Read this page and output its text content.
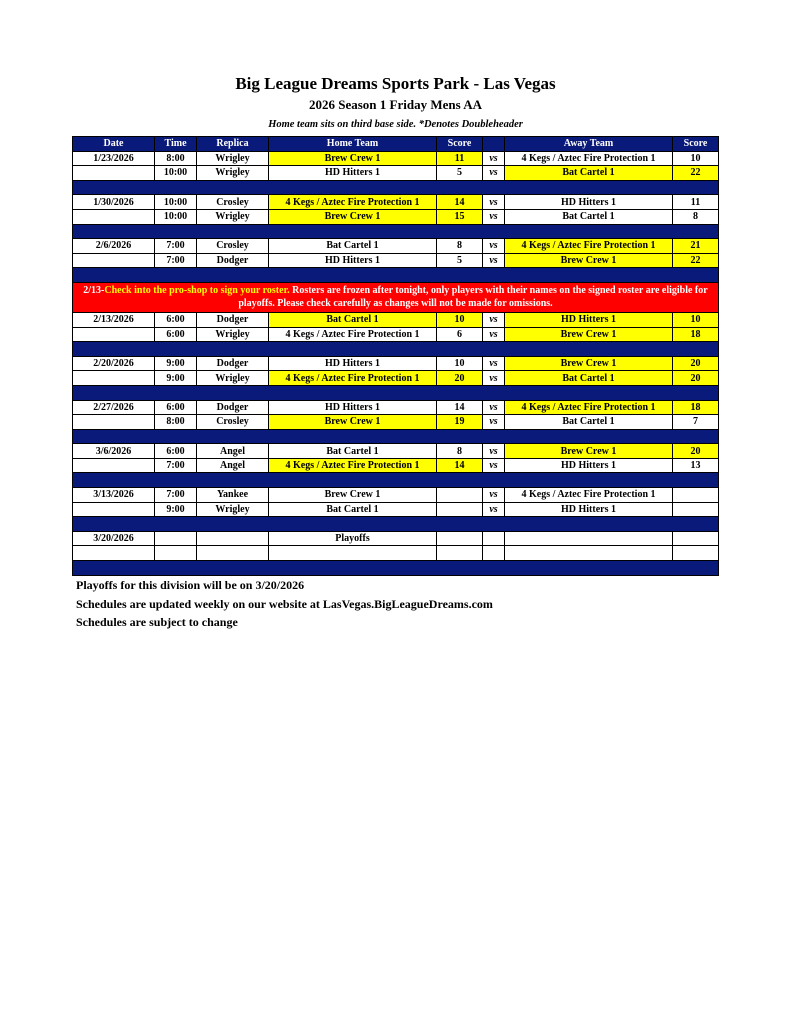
Big League Dreams Sports Park - Las Vegas
2026 Season 1 Friday Mens AA
Home team sits on third base side. *Denotes Doubleheader
Date	Time	Replica	Home Team	Score		Away Team	Score
1/23/2026	8:00	Wrigley	Brew Crew 1	11	vs	4 Kegs / Aztec Fire Protection 1	10
	10:00	Wrigley	HD Hitters 1	5	vs	Bat Cartel 1	22

1/30/2026	10:00	Crosley	4 Kegs / Aztec Fire Protection 1	14	vs	HD Hitters 1	11
	10:00	Wrigley	Brew Crew 1	15	vs	Bat Cartel 1	8

2/6/2026	7:00	Crosley	Bat Cartel 1	8	vs	4 Kegs / Aztec Fire Protection 1	21
	7:00	Dodger	HD Hitters 1	5	vs	Brew Crew 1	22

2/13-Check into the pro-shop to sign your roster. Rosters are frozen after tonight, only players with their names on the signed roster are eligible for playoffs. Please check carefully as changes will not be made for omissions.							
2/13/2026	6:00	Dodger	Bat Cartel 1	10	vs	HD Hitters 1	10
	6:00	Wrigley	4 Kegs / Aztec Fire Protection 1	6	vs	Brew Crew 1	18

2/20/2026	9:00	Dodger	HD Hitters 1	10	vs	Brew Crew 1	20
	9:00	Wrigley	4 Kegs / Aztec Fire Protection 1	20	vs	Bat Cartel 1	20

2/27/2026	6:00	Dodger	HD Hitters 1	14	vs	4 Kegs / Aztec Fire Protection 1	18
	8:00	Crosley	Brew Crew 1	19	vs	Bat Cartel 1	7

3/6/2026	6:00	Angel	Bat Cartel 1	8	vs	Brew Crew 1	20
	7:00	Angel	4 Kegs / Aztec Fire Protection 1	14	vs	HD Hitters 1	13

3/13/2026	7:00	Yankee	Brew Crew 1		vs	4 Kegs / Aztec Fire Protection 1	
	9:00	Wrigley	Bat Cartel 1		vs	HD Hitters 1	

3/20/2026			Playoffs				

Playoffs for this division will be on 3/20/2026
Schedules are updated weekly on our website at LasVegas.BigLeagueDreams.com
Schedules are subject to change
